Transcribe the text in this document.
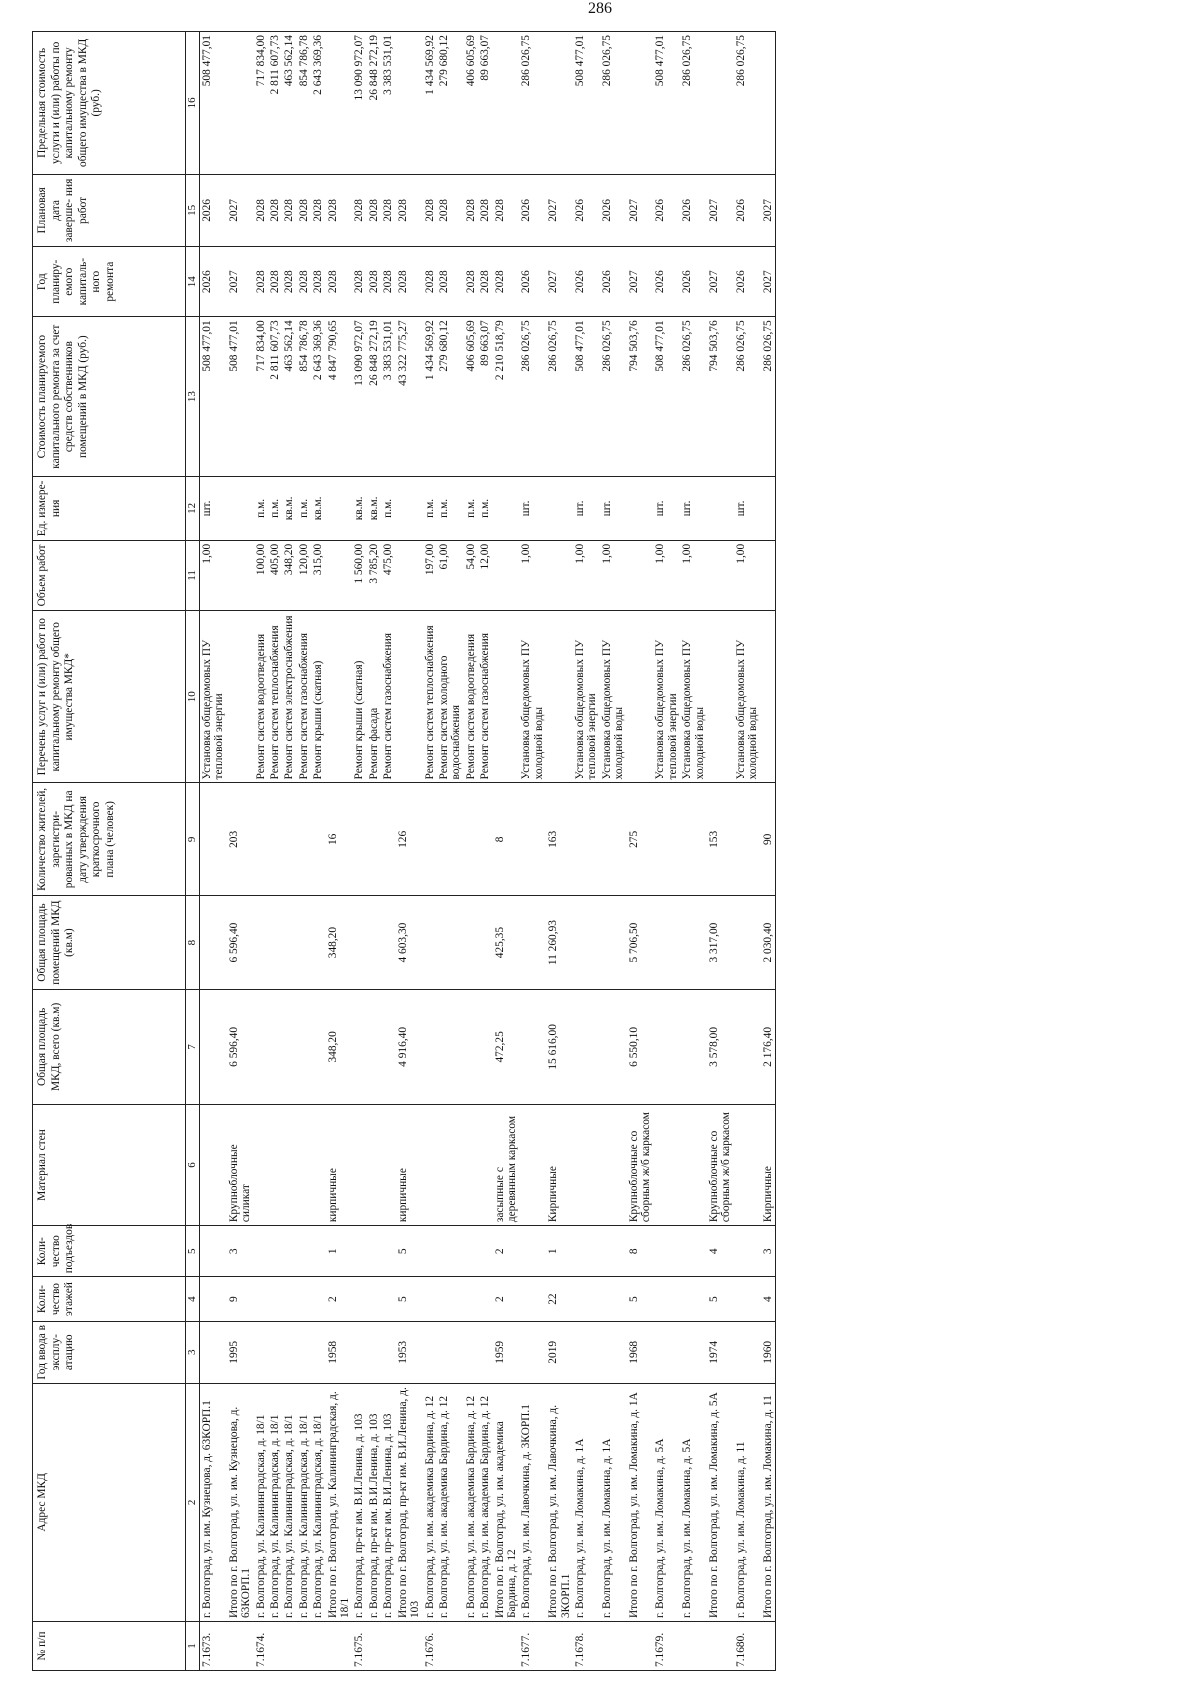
286
№ п/п	Адрес МКД	Год ввода в эксплу- атацию	Коли- чество этажей	Коли- чество подъездов	Материал стен	Общая площадь МКД, всего (кв.м)	Общая площадь помещений МКД (кв.м)	Количество жителей, зарегистри- рованных в МКД на дату утверждения краткосрочного плана (человек)	Перечень услуг и (или) работ по капитальному ремонту общего имущества МКД*	Объем работ	Ед. измере- ния	Стоимость планируемого капитального ремонта за счет средств собственников помещений в МКД (руб.)	Год планиру- емого капиталь- ного ремонта	Плановая дата заверше- ния работ	Предельная стоимость услуги и (или) работы по капитальному ремонту общего имущества в МКД (руб.)
1	2	3	4	5	6	7	8	9	10	11	12	13	14	15	16
7.1673.	г. Волгоград, ул. им. Кузнецова, д. 63КОРП.1								Установка общедомовых ПУ тепловой энергии	1,00	шт.	508 477,01	2026	2026	508 477,01
	Итого по г. Волгоград, ул. им. Кузнецова, д. 63КОРП.1	1995	9	3	Крупноблочные силикат	6 596,40	6 596,40	203				508 477,01	2027	2027	
7.1674.	г. Волгоград, ул. Калининградская, д. 18/1								Ремонт систем водоотведения	100,00	п.м.	717 834,00	2028	2028	717 834,00
	г. Волгоград, ул. Калининградская, д. 18/1								Ремонт систем теплоснабжения	405,00	п.м.	2 811 607,73	2028	2028	2 811 607,73
	г. Волгоград, ул. Калининградская, д. 18/1								Ремонт систем электроснабжения	348,20	кв.м.	463 562,14	2028	2028	463 562,14
	г. Волгоград, ул. Калининградская, д. 18/1								Ремонт систем газоснабжения	120,00	п.м.	854 786,78	2028	2028	854 786,78
	г. Волгоград, ул. Калининградская, д. 18/1								Ремонт крыши (скатная)	315,00	кв.м.	2 643 369,36	2028	2028	2 643 369,36
	Итого по г. Волгоград, ул. Калининградская, д. 18/1	1958	2	1	кирпичные	348,20	348,20	16				4 847 790,65	2028	2028	
7.1675.	г. Волгоград, пр-кт им. В.И.Ленина, д. 103								Ремонт крыши (скатная)	1 560,00	кв.м.	13 090 972,07	2028	2028	13 090 972,07
	г. Волгоград, пр-кт им. В.И.Ленина, д. 103								Ремонт фасада	3 785,20	кв.м.	26 848 272,19	2028	2028	26 848 272,19
	г. Волгоград, пр-кт им. В.И.Ленина, д. 103								Ремонт систем газоснабжения	475,00	п.м.	3 383 531,01	2028	2028	3 383 531,01
	Итого по г. Волгоград, пр-кт им. В.И.Ленина, д. 103	1953	5	5	кирпичные	4 916,40	4 603,30	126				43 322 775,27	2028	2028	
7.1676.	г. Волгоград, ул. им. академика Бардина, д. 12								Ремонт систем теплоснабжения	197,00	п.м.	1 434 569,92	2028	2028	1 434 569,92
	г. Волгоград, ул. им. академика Бардина, д. 12								Ремонт систем холодного водоснабжения	61,00	п.м.	279 680,12	2028	2028	279 680,12
	г. Волгоград, ул. им. академика Бардина, д. 12								Ремонт систем водоотведения	54,00	п.м.	406 605,69	2028	2028	406 605,69
	г. Волгоград, ул. им. академика Бардина, д. 12								Ремонт систем газоснабжения	12,00	п.м.	89 663,07	2028	2028	89 663,07
	Итого по г. Волгоград, ул. им. академика Бардина, д. 12	1959	2	2	засыпные с деревянным каркасом	472,25	425,35	8				2 210 518,79	2028	2028	
7.1677.	г. Волгоград, ул. им. Лавочкина, д. 3КОРП.1								Установка общедомовых ПУ холодной воды	1,00	шт.	286 026,75	2026	2026	286 026,75
	Итого по г. Волгоград, ул. им. Лавочкина, д. 3КОРП.1	2019	22	1	Кирпичные	15 616,00	11 260,93	163				286 026,75	2027	2027	
7.1678.	г. Волгоград, ул. им. Ломакина, д. 1А								Установка общедомовых ПУ тепловой энергии	1,00	шт.	508 477,01	2026	2026	508 477,01
	г. Волгоград, ул. им. Ломакина, д. 1А								Установка общедомовых ПУ холодной воды	1,00	шт.	286 026,75	2026	2026	286 026,75
	Итого по г. Волгоград, ул. им. Ломакина, д. 1А	1968	5	8	Крупноблочные со сборным ж/б каркасом	6 550,10	5 706,50	275				794 503,76	2027	2027	
7.1679.	г. Волгоград, ул. им. Ломакина, д. 5А								Установка общедомовых ПУ тепловой энергии	1,00	шт.	508 477,01	2026	2026	508 477,01
	г. Волгоград, ул. им. Ломакина, д. 5А								Установка общедомовых ПУ холодной воды	1,00	шт.	286 026,75	2026	2026	286 026,75
	Итого по г. Волгоград, ул. им. Ломакина, д. 5А	1974	5	4	Крупноблочные со сборным ж/б каркасом	3 578,00	3 317,00	153				794 503,76	2027	2027	
7.1680.	г. Волгоград, ул. им. Ломакина, д. 11								Установка общедомовых ПУ холодной воды	1,00	шт.	286 026,75	2026	2026	286 026,75
	Итого по г. Волгоград, ул. им. Ломакина, д. 11	1960	4	3	Кирпичные	2 176,40	2 030,40	90				286 026,75	2027	2027	
